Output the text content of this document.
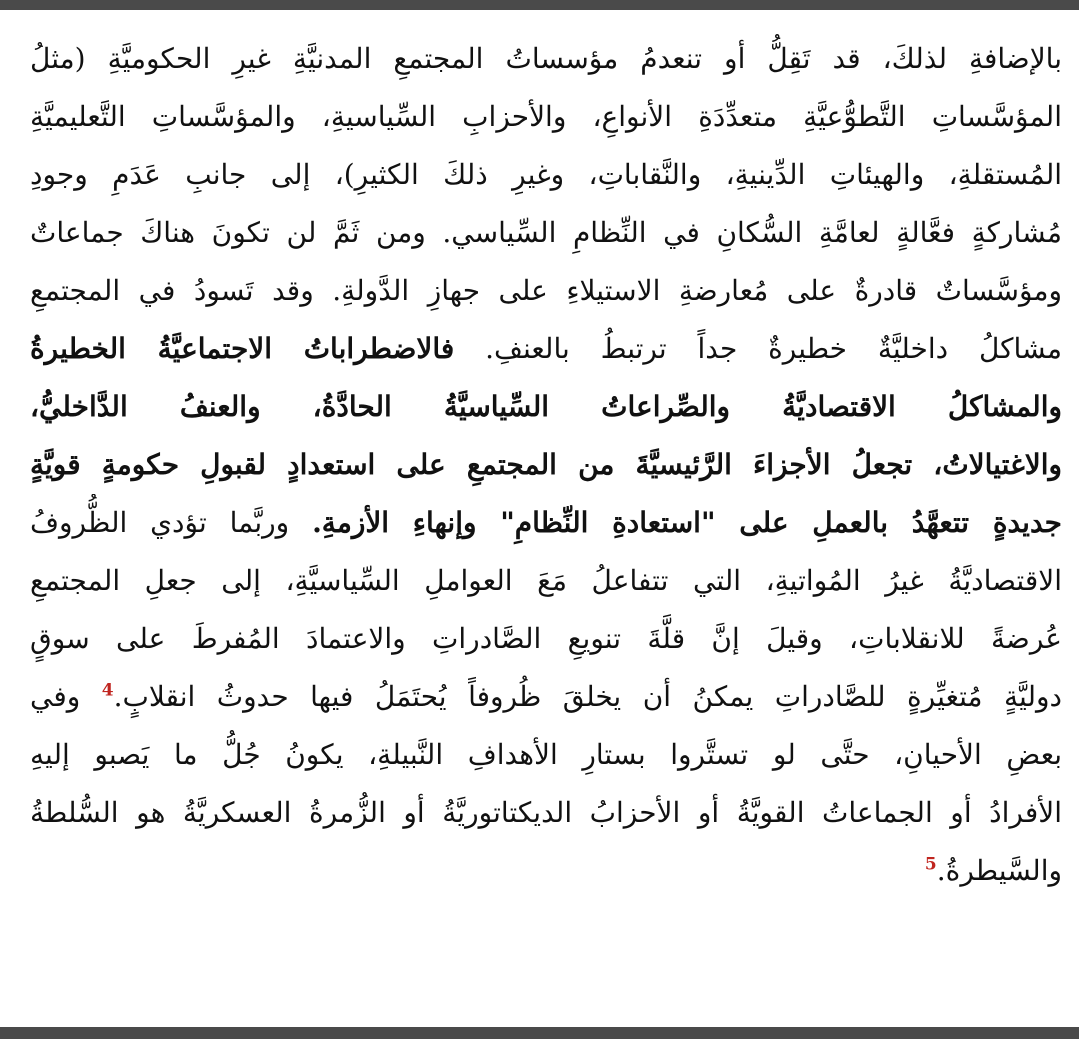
بالإضافةِ لذلكَ، قد تَقِلُّ أو تنعدمُ مؤسساتُ المجتمعِ المدنيَّةِ غيرِ الحكوميَّةِ (مثلُ
المؤسَّساتِ التَّطوُّعيَّةِ متعدِّدَةِ الأنواعِ، والأحزابِ السِّياسيةِ، والمؤسَّساتِ التَّعليميَّةِ
المُستقلةِ، والهيئاتِ الدِّينيةِ، والنَّقاباتِ، وغيرِ ذلكَ الكثيرِ)، إلى جانبِ عَدَمِ وجودِ
مُشاركةٍ فعَّالةٍ لعامَّةِ السُّكانِ في النِّظامِ السِّياسي. ومن ثَمَّ لن تكونَ هناكَ جماعاتٌ
ومؤسَّساتٌ قادرةٌ على مُعارضةِ الاستيلاءِ على جهازِ الدَّولةِ. وقد تَسودُ في المجتمعِ
مشاكلُ داخليَّةٌ خطيرةٌ جداً ترتبطُ بالعنفِ. فالاضطراباتُ الاجتماعيَّةُ الخطيرةُ
والمشاكلُ الاقتصاديَّةُ والصِّراعاتُ السِّياسيَّةُ الحادَّةُ، والعنفُ الدَّاخليُّ،
والاغتيالاتُ، تجعلُ الأجزاءَ الرَّئيسيَّةَ من المجتمعِ على استعدادٍ لقبولِ حكومةٍ قويَّةٍ
جديدةٍ تتعهَّدُ بالعملِ على "استعادةِ النِّظامِ" وإنهاءِ الأزمةِ. وربَّما تؤدي الظُّروفُ
الاقتصاديَّةُ غيرُ المُواتيةِ، التي تتفاعلُ مَعَ العواملِ السِّياسيَّةِ، إلى جعلِ المجتمعِ
عُرضةً للانقلاباتِ، وقيلَ إنَّ قلَّةَ تنويعِ الصَّادراتِ والاعتمادَ المُفرطَ على سوقٍ
دوليَّةٍ مُتغيِّرةٍ للصَّادراتِ يمكنُ أن يخلقَ ظُروفاً يُحتَمَلُ فيها حدوثُ انقلابٍ.$^4$ وفي
بعضِ الأحيانِ، حتَّى لو تستَّروا بستارِ الأهدافِ النَّبيلةِ، يكونُ جُلُّ ما يَصبو إليهِ
الأفرادُ أو الجماعاتُ القويَّةُ أو الأحزابُ الديكتاتوريَّةُ أو الزُّمرةُ العسكريَّةُ هو السُّلطةُ
والسَّيطرةُ.$^5$
